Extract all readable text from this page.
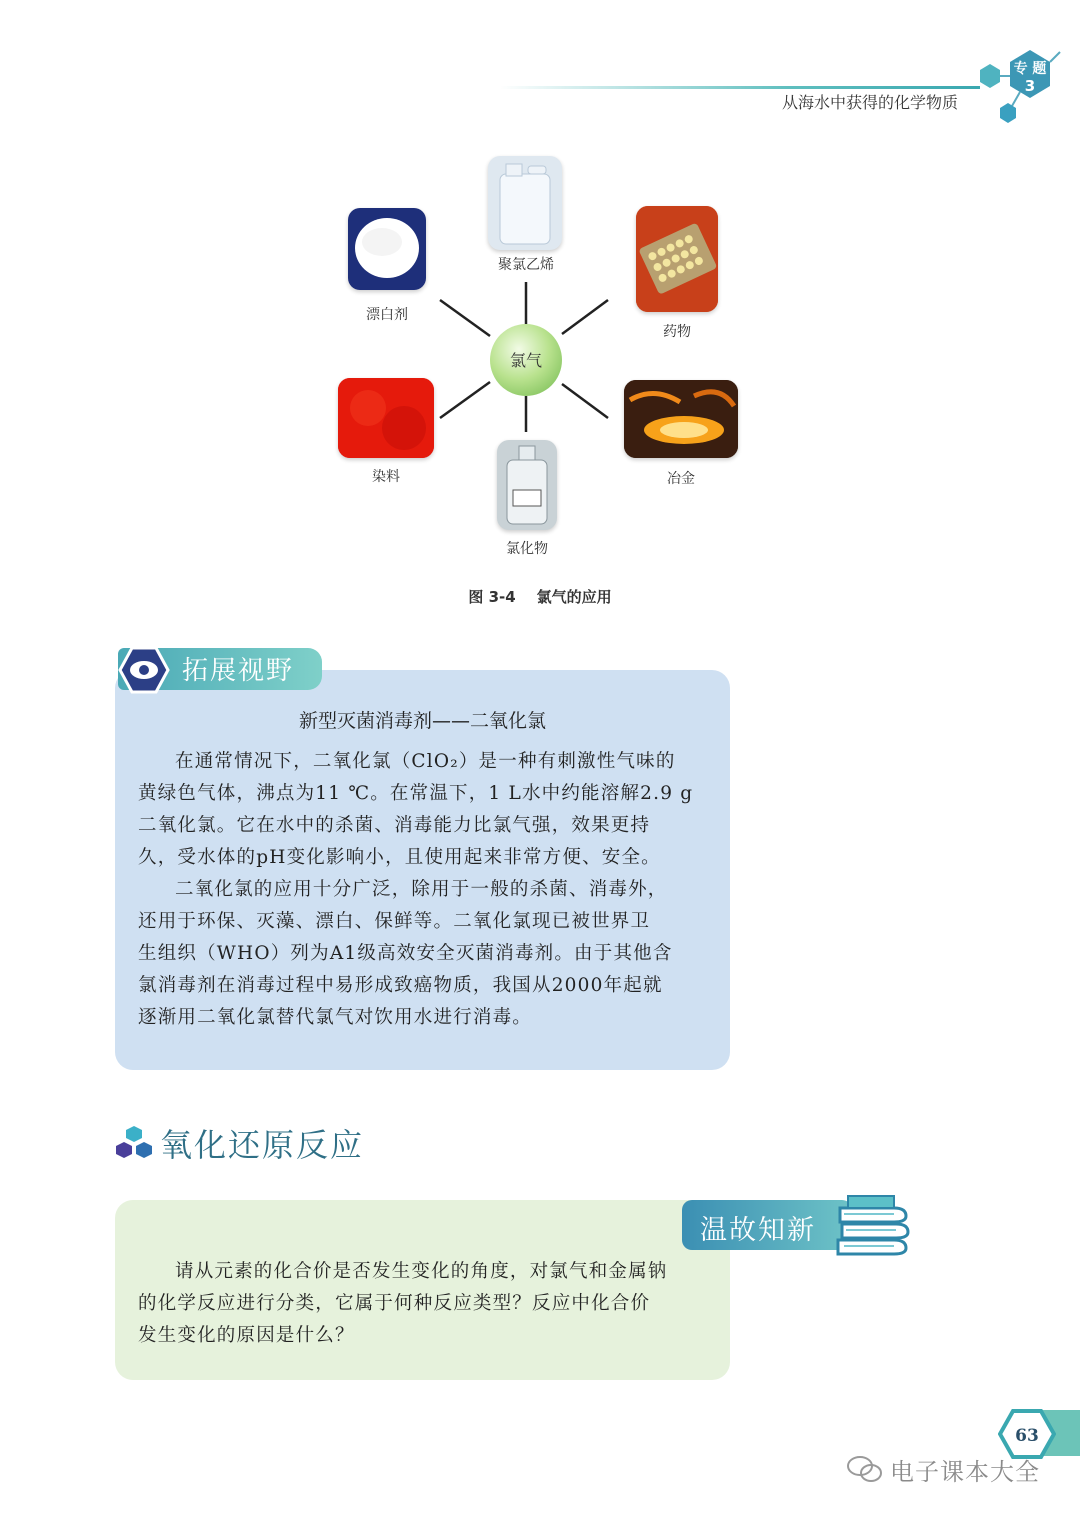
从海水中获得的化学物质
专 题
3
氯气
聚氯乙烯
漂白剂
药物
染料	冶金
氯化物
图 3-4 氯气的应用
拓展视野
新型灭菌消毒剂——二氧化氯
在通常情况下，二氧化氯（ClO₂）是一种有刺激性气味的
黄绿色气体，沸点为11 ℃。在常温下，1 L水中约能溶解2.9 g
二氧化氯。它在水中的杀菌、消毒能力比氯气强，效果更持
久，受水体的pH变化影响小，且使用起来非常方便、安全。
二氧化氯的应用十分广泛，除用于一般的杀菌、消毒外，
还用于环保、灭藻、漂白、保鲜等。二氧化氯现已被世界卫
生组织（WHO）列为A1级高效安全灭菌消毒剂。由于其他含
氯消毒剂在消毒过程中易形成致癌物质，我国从2000年起就
逐渐用二氧化氯替代氯气对饮用水进行消毒。
氧化还原反应
温故知新
请从元素的化合价是否发生变化的角度，对氯气和金属钠
的化学反应进行分类，它属于何种反应类型？反应中化合价
发生变化的原因是什么？
63
电子课本大全
